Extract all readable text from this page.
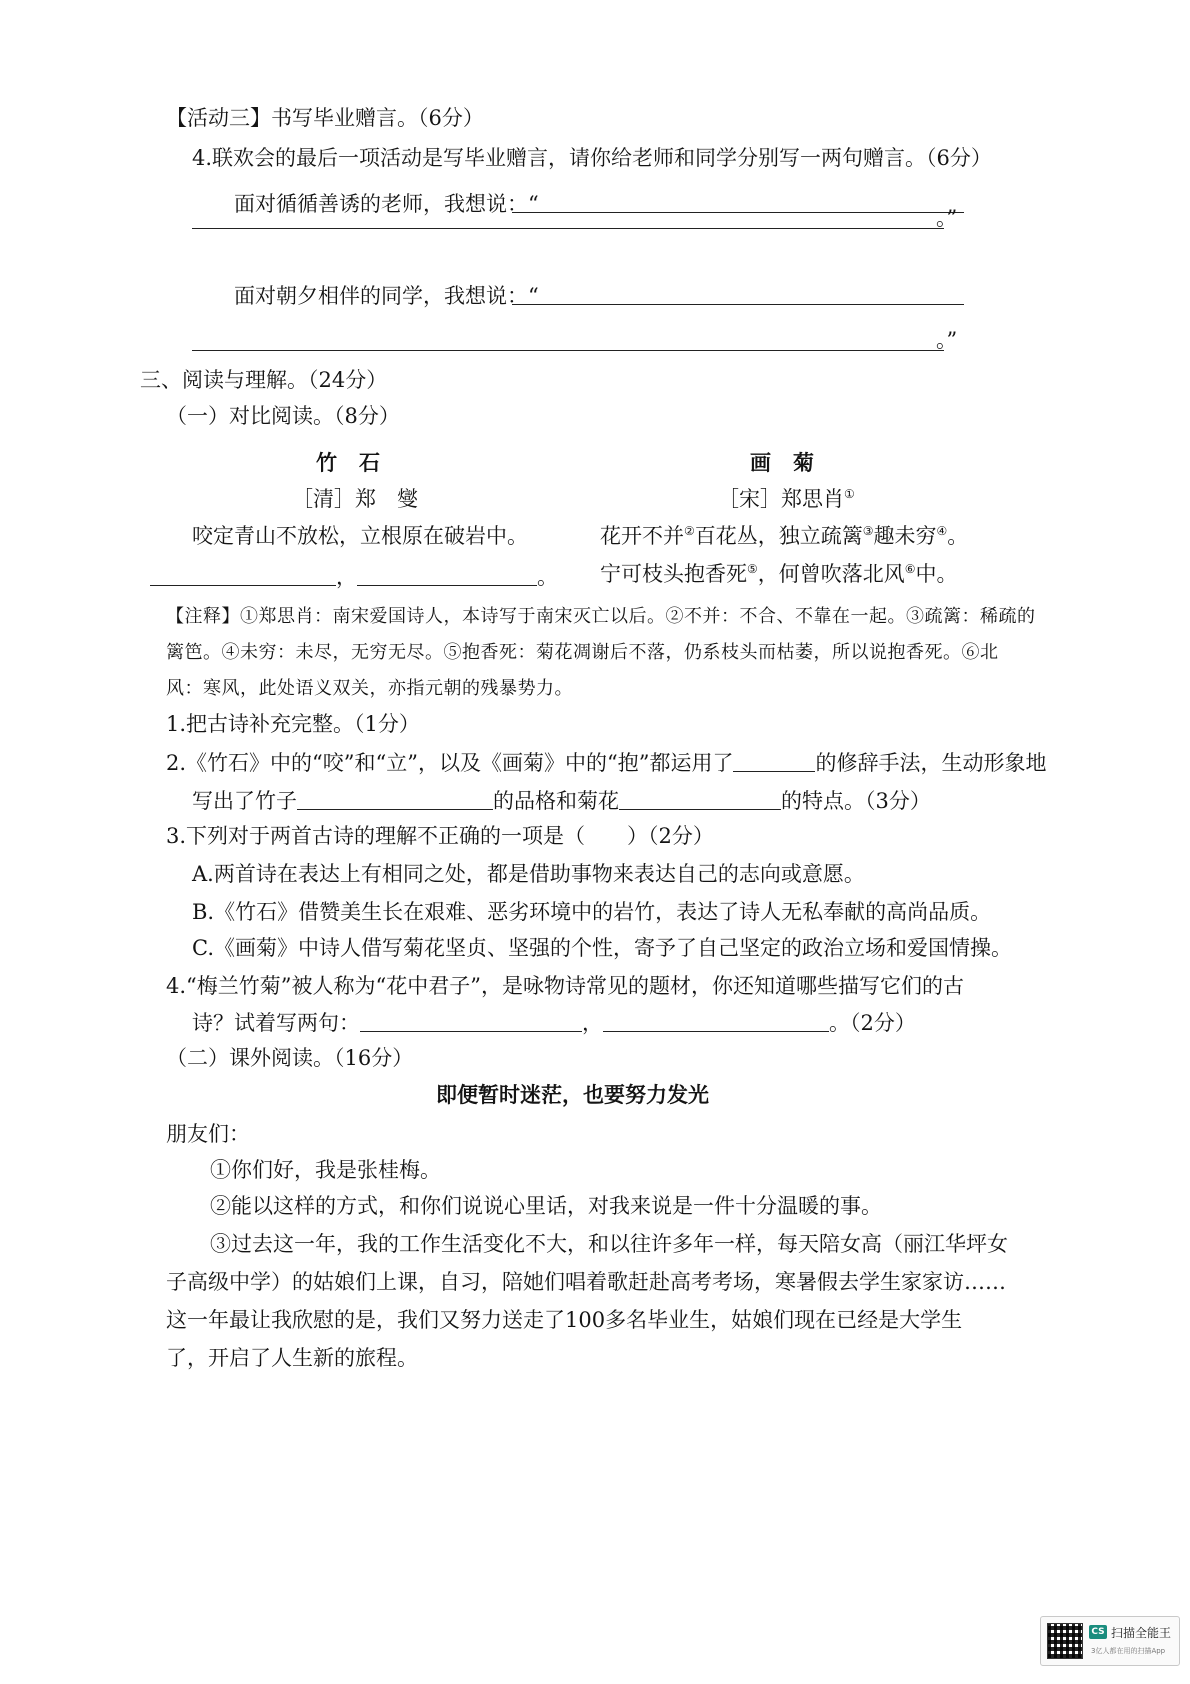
【活动三】书写毕业赠言。（6分）
4.联欢会的最后一项活动是写毕业赠言，请你给老师和同学分别写一两句赠言。（6分）
面对循循善诱的老师，我想说：“
。”
面对朝夕相伴的同学，我想说：“
。”
三、阅读与理解。（24分）
（一）对比阅读。（8分）
竹石
［清］郑　燮
咬定青山不放松，立根原在破岩中。
，	。
画菊
［宋］郑思肖①
花开不并②百花丛，独立疏篱③趣未穷④。
宁可枝头抱香死⑤，何曾吹落北风⑥中。
【注释】①郑思肖：南宋爱国诗人，本诗写于南宋灭亡以后。②不并：不合、不靠在一起。③疏篱：稀疏的
篱笆。④未穷：未尽，无穷无尽。⑤抱香死：菊花凋谢后不落，仍系枝头而枯萎，所以说抱香死。⑥北
风：寒风，此处语义双关，亦指元朝的残暴势力。
1.把古诗补充完整。（1分）
2.《竹石》中的“咬”和“立”，以及《画菊》中的“抱”都运用了	的修辞手法，生动形象地
写出了竹子	的品格和菊花	的特点。（3分）
3.下列对于两首古诗的理解不正确的一项是（　　）（2分）
A.两首诗在表达上有相同之处，都是借助事物来表达自己的志向或意愿。
B.《竹石》借赞美生长在艰难、恶劣环境中的岩竹，表达了诗人无私奉献的高尚品质。
C.《画菊》中诗人借写菊花坚贞、坚强的个性，寄予了自己坚定的政治立场和爱国情操。
4.“梅兰竹菊”被人称为“花中君子”，是咏物诗常见的题材，你还知道哪些描写它们的古
诗？试着写两句：	，	。（2分）
（二）课外阅读。（16分）
即便暂时迷茫，也要努力发光
朋友们：
①你们好，我是张桂梅。
②能以这样的方式，和你们说说心里话，对我来说是一件十分温暖的事。
③过去这一年，我的工作生活变化不大，和以往许多年一样，每天陪女高（丽江华坪女
子高级中学）的姑娘们上课，自习，陪她们唱着歌赶赴高考考场，寒暑假去学生家家访……
这一年最让我欣慰的是，我们又努力送走了100多名毕业生，姑娘们现在已经是大学生
了，开启了人生新的旅程。
CS 扫描全能王
3亿人都在用的扫描App
